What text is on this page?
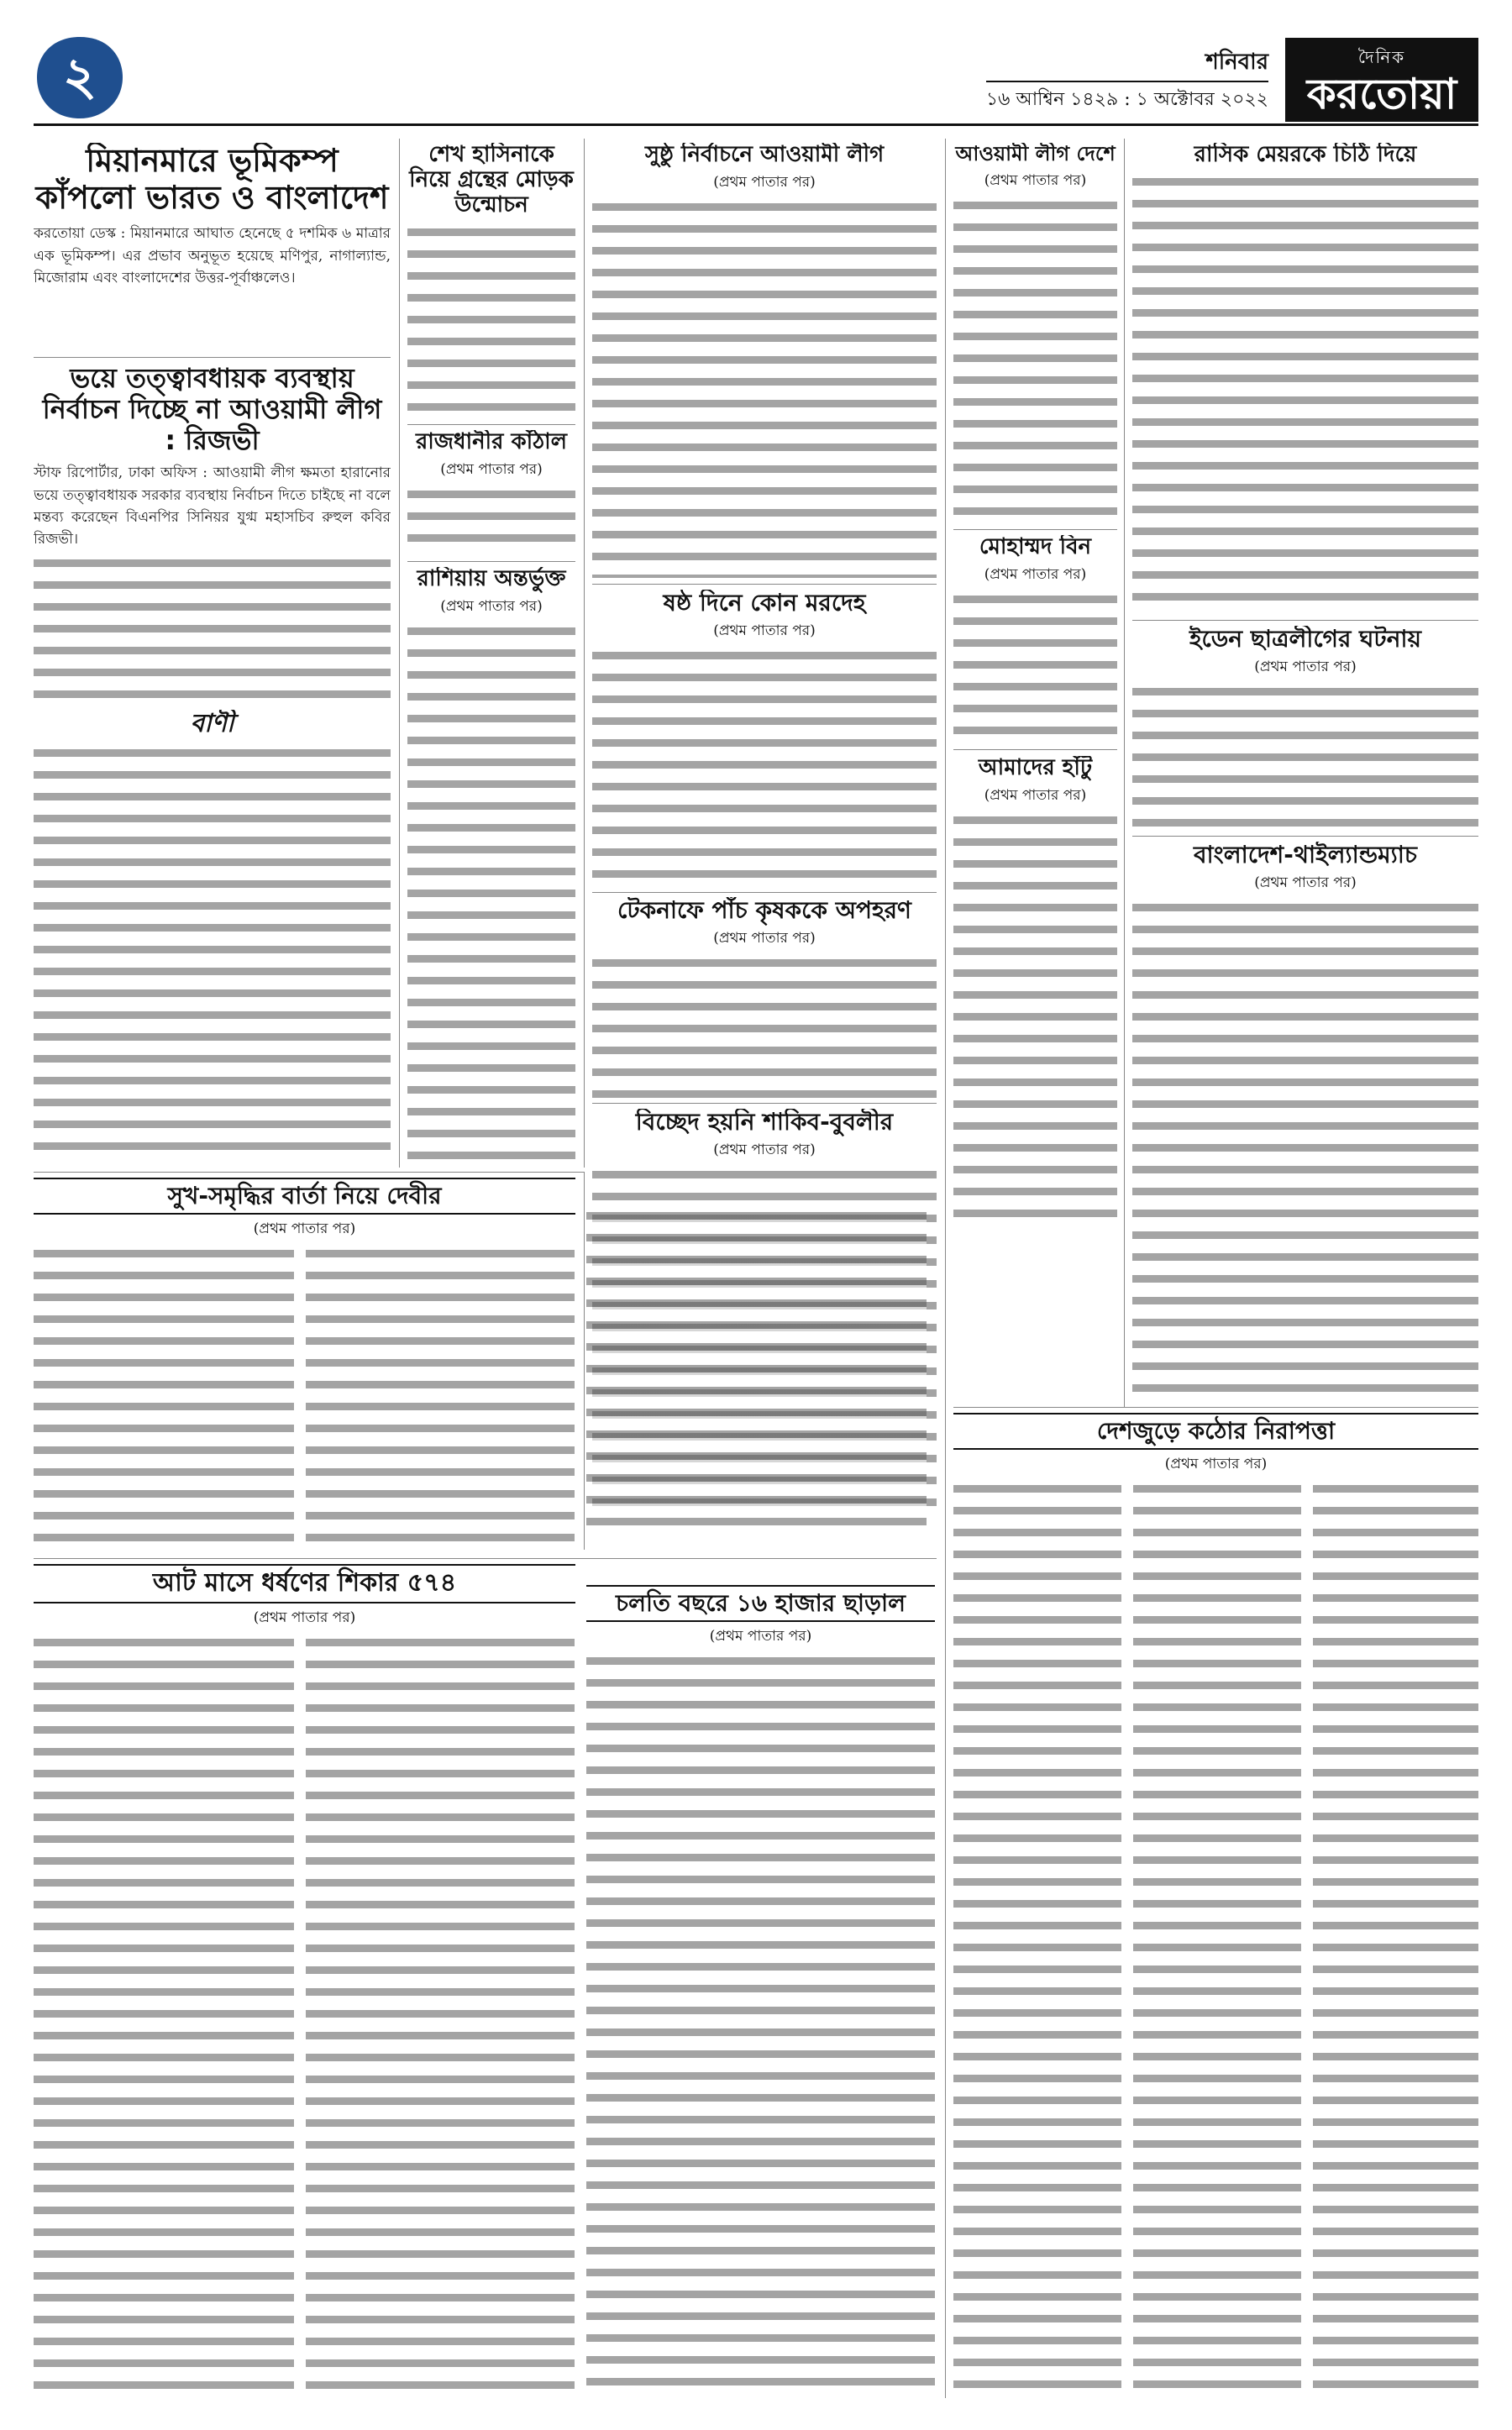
২	শনিবার
১৬ আশ্বিন ১৪২৯ : ১ অক্টোবর ২০২২
দৈনিক
করতোয়া
মিয়ানমারে ভূমিকম্প কাঁপলো ভারত ও বাংলাদেশ
করতোয়া ডেস্ক : মিয়ানমারে আঘাত হেনেছে ৫ দশমিক ৬ মাত্রার এক ভূমিকম্প। এর প্রভাব অনুভূত হয়েছে মণিপুর, নাগাল্যান্ড, মিজোরাম এবং বাংলাদেশের উত্তর-পূর্বাঞ্চলেও।
ভয়ে তত্ত্বাবধায়ক ব্যবস্থায় নির্বাচন দিচ্ছে না আওয়ামী লীগ : রিজভী
স্টাফ রিপোর্টার, ঢাকা অফিস : আওয়ামী লীগ ক্ষমতা হারানোর ভয়ে তত্ত্বাবধায়ক সরকার ব্যবস্থায় নির্বাচন দিতে চাইছে না বলে মন্তব্য করেছেন বিএনপির সিনিয়র যুগ্ম মহাসচিব রুহুল কবির রিজভী।
বাণী
শেখ হাসিনাকে নিয়ে গ্রন্থের মোড়ক উন্মোচন
রাজধানীর কাঁঠাল
(প্রথম পাতার পর)
রাশিয়ায় অন্তর্ভুক্ত
(প্রথম পাতার পর)
সুষ্ঠু নির্বাচনে আওয়ামী লীগ
(প্রথম পাতার পর)
ষষ্ঠ দিনে কোন মরদেহ
(প্রথম পাতার পর)
টেকনাফে পাঁচ কৃষককে অপহরণ
(প্রথম পাতার পর)
বিচ্ছেদ হয়নি শাকিব-বুবলীর
(প্রথম পাতার পর)
আওয়ামী লীগ দেশে
(প্রথম পাতার পর)
মোহাম্মদ বিন
(প্রথম পাতার পর)
আমাদের হাঁটু
(প্রথম পাতার পর)
রাসিক মেয়রকে চিঠি দিয়ে
ইডেন ছাত্রলীগের ঘটনায়
(প্রথম পাতার পর)
বাংলাদেশ-থাইল্যান্ডম্যাচ
(প্রথম পাতার পর)
সুখ-সমৃদ্ধির বার্তা নিয়ে দেবীর
(প্রথম পাতার পর)
আট মাসে ধর্ষণের শিকার ৫৭৪
(প্রথম পাতার পর)
চলতি বছরে ১৬ হাজার ছাড়াল
(প্রথম পাতার পর)
দেশজুড়ে কঠোর নিরাপত্তা
(প্রথম পাতার পর)
